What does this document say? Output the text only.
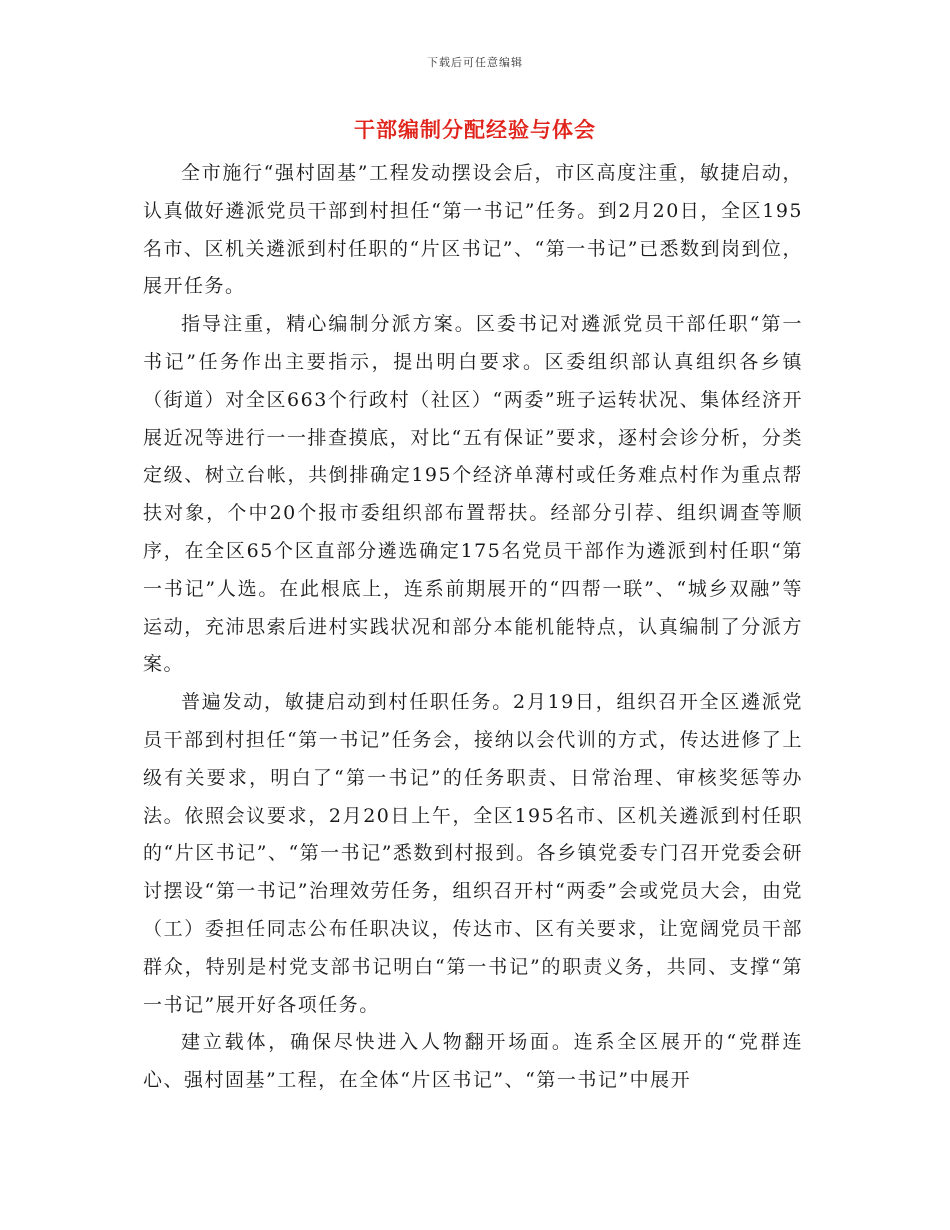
下载后可任意编辑
干部编制分配经验与体会

全市施行“强村固基”工程发动摆设会后，市区高度注重，敏捷启动，认真做好遴派党员干部到村担任“第一书记”任务。到2月20日，全区195名市、区机关遴派到村任职的“片区书记”、“第一书记”已悉数到岗到位，展开任务。

指导注重，精心编制分派方案。区委书记对遴派党员干部任职“第一书记”任务作出主要指示，提出明白要求。区委组织部认真组织各乡镇（街道）对全区663个行政村（社区）“两委”班子运转状况、集体经济开展近况等进行一一排查摸底，对比“五有保证”要求，逐村会诊分析，分类定级、树立台帐，共倒排确定195个经济单薄村或任务难点村作为重点帮扶对象，个中20个报市委组织部布置帮扶。经部分引荐、组织调查等顺序，在全区65个区直部分遴选确定175名党员干部作为遴派到村任职“第一书记”人选。在此根底上，连系前期展开的“四帮一联”、“城乡双融”等运动，充沛思索后进村实践状况和部分本能机能特点，认真编制了分派方案。

普遍发动，敏捷启动到村任职任务。2月19日，组织召开全区遴派党员干部到村担任“第一书记”任务会，接纳以会代训的方式，传达进修了上级有关要求，明白了“第一书记”的任务职责、日常治理、审核奖惩等办法。依照会议要求，2月20日上午，全区195名市、区机关遴派到村任职的“片区书记”、“第一书记”悉数到村报到。各乡镇党委专门召开党委会研讨摆设“第一书记”治理效劳任务，组织召开村“两委”会或党员大会，由党（工）委担任同志公布任职决议，传达市、区有关要求，让宽阔党员干部群众，特别是村党支部书记明白“第一书记”的职责义务，共同、支撑“第一书记”展开好各项任务。

建立载体，确保尽快进入人物翻开场面。连系全区展开的“党群连心、强村固基”工程，在全体“片区书记”、“第一书记”中展开
